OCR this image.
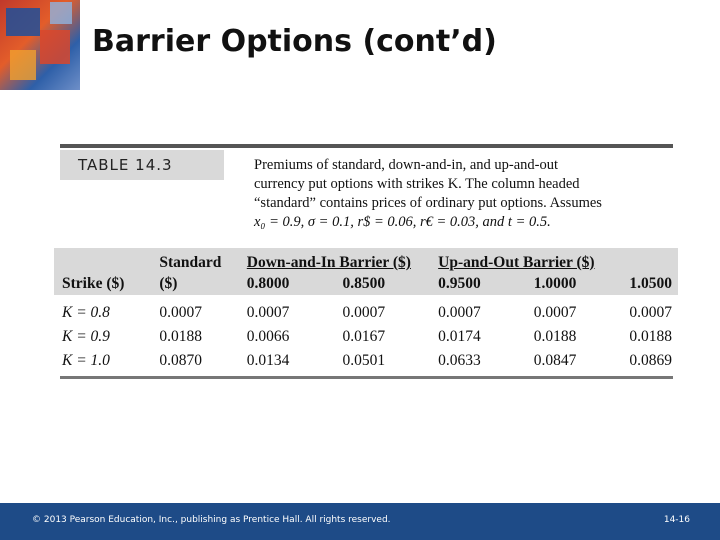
Barrier Options (cont’d)
TABLE 14.3	Premiums of standard, down-and-in, and up-and-out

currency put options with strikes K. The column headed

“standard” contains prices of ordinary put options. Assumes

x₀ = 0.9, σ = 0.1, r$ = 0.06, r€ = 0.03, and t = 0.5.

	Standard	Down-and-In Barrier ($)		Up-and-Out Barrier ($)		
Strike ($)	($)	0.8000	0.8500	0.9500	1.0000	1.0500
K = 0.8	0.0007	0.0007	0.0007	0.0007	0.0007	0.0007
K = 0.9	0.0188	0.0066	0.0167	0.0174	0.0188	0.0188
K = 1.0	0.0870	0.0134	0.0501	0.0633	0.0847	0.0869
© 2013 Pearson Education, Inc., publishing as Prentice Hall. All rights reserved.	14-16
